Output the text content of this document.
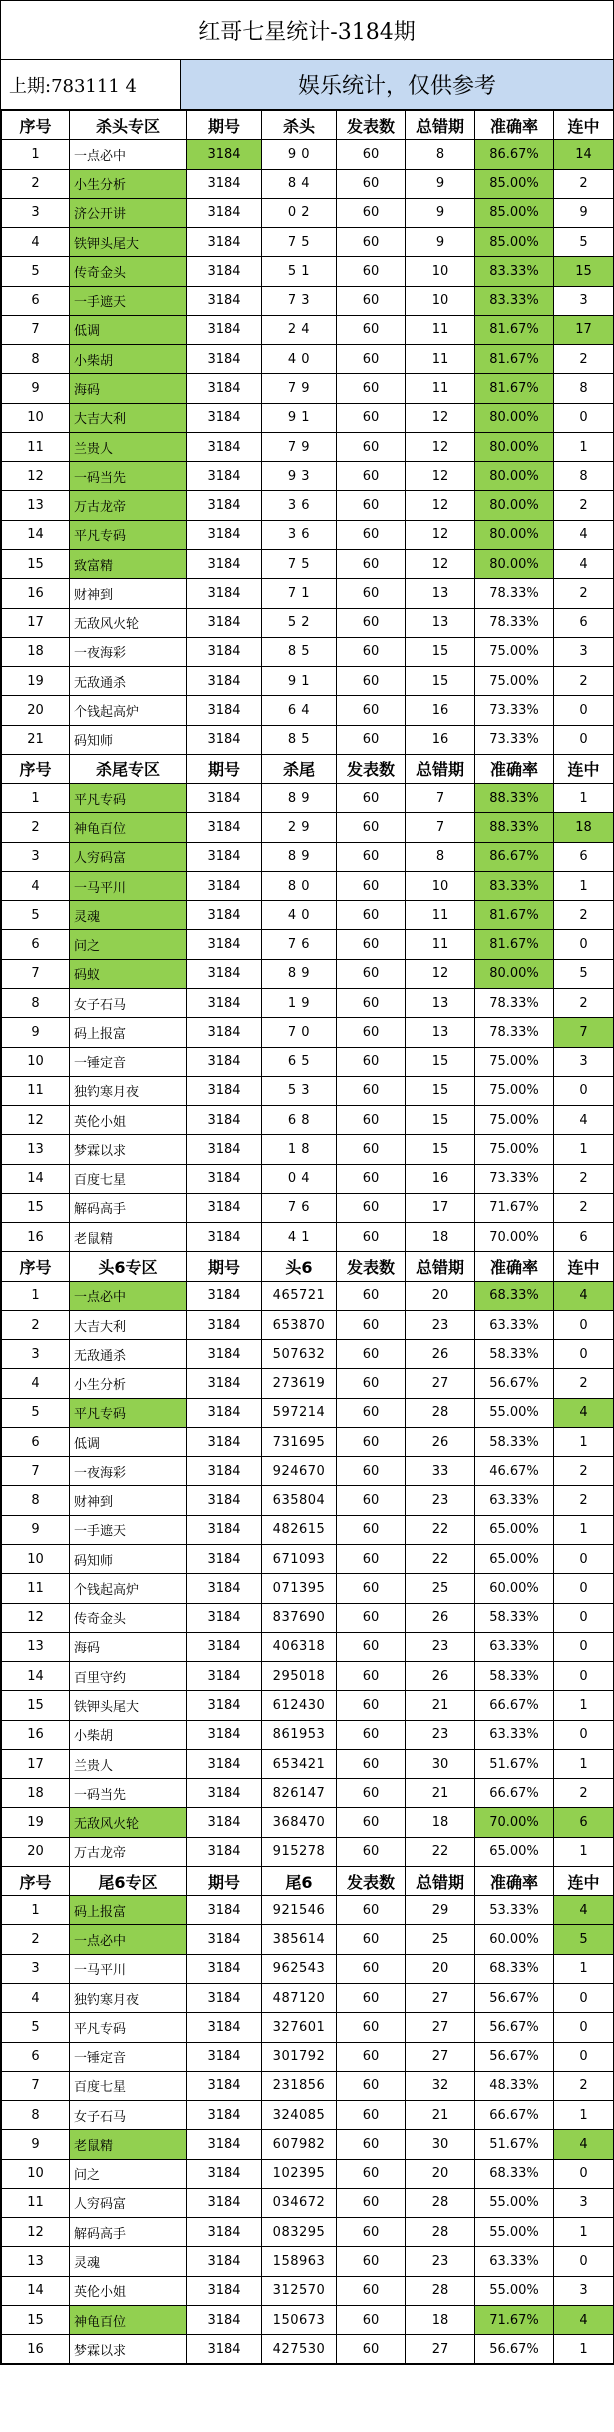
红哥七星统计-3184期
上期:783111 4	娱乐统计，仅供参考
序号	杀头专区	期号	杀头	发表数	总错期	准确率	连中
1	一点必中	3184	9 0	60	8	86.67%	14
2	小生分析	3184	8 4	60	9	85.00%	2
3	济公开讲	3184	0 2	60	9	85.00%	9
4	铁钾头尾大	3184	7 5	60	9	85.00%	5
5	传奇金头	3184	5 1	60	10	83.33%	15
6	一手遮天	3184	7 3	60	10	83.33%	3
7	低调	3184	2 4	60	11	81.67%	17
8	小柴胡	3184	4 0	60	11	81.67%	2
9	海码	3184	7 9	60	11	81.67%	8
10	大吉大利	3184	9 1	60	12	80.00%	0
11	兰贵人	3184	7 9	60	12	80.00%	1
12	一码当先	3184	9 3	60	12	80.00%	8
13	万古龙帝	3184	3 6	60	12	80.00%	2
14	平凡专码	3184	3 6	60	12	80.00%	4
15	致富精	3184	7 5	60	12	80.00%	4
16	财神到	3184	7 1	60	13	78.33%	2
17	无敌风火轮	3184	5 2	60	13	78.33%	6
18	一夜海彩	3184	8 5	60	15	75.00%	3
19	无敌通杀	3184	9 1	60	15	75.00%	2
20	个钱起高炉	3184	6 4	60	16	73.33%	0
21	码知师	3184	8 5	60	16	73.33%	0
序号	杀尾专区	期号	杀尾	发表数	总错期	准确率	连中
1	平凡专码	3184	8 9	60	7	88.33%	1
2	神龟百位	3184	2 9	60	7	88.33%	18
3	人穷码富	3184	8 9	60	8	86.67%	6
4	一马平川	3184	8 0	60	10	83.33%	1
5	灵魂	3184	4 0	60	11	81.67%	2
6	问之	3184	7 6	60	11	81.67%	0
7	码蚁	3184	8 9	60	12	80.00%	5
8	女子石马	3184	1 9	60	13	78.33%	2
9	码上报富	3184	7 0	60	13	78.33%	7
10	一锤定音	3184	6 5	60	15	75.00%	3
11	独钓寒月夜	3184	5 3	60	15	75.00%	0
12	英伦小姐	3184	6 8	60	15	75.00%	4
13	梦霖以求	3184	1 8	60	15	75.00%	1
14	百度七星	3184	0 4	60	16	73.33%	2
15	解码高手	3184	7 6	60	17	71.67%	2
16	老鼠精	3184	4 1	60	18	70.00%	6
序号	头6专区	期号	头6	发表数	总错期	准确率	连中
1	一点必中	3184	465721	60	20	68.33%	4
2	大吉大利	3184	653870	60	23	63.33%	0
3	无敌通杀	3184	507632	60	26	58.33%	0
4	小生分析	3184	273619	60	27	56.67%	2
5	平凡专码	3184	597214	60	28	55.00%	4
6	低调	3184	731695	60	26	58.33%	1
7	一夜海彩	3184	924670	60	33	46.67%	2
8	财神到	3184	635804	60	23	63.33%	2
9	一手遮天	3184	482615	60	22	65.00%	1
10	码知师	3184	671093	60	22	65.00%	0
11	个钱起高炉	3184	071395	60	25	60.00%	0
12	传奇金头	3184	837690	60	26	58.33%	0
13	海码	3184	406318	60	23	63.33%	0
14	百里守约	3184	295018	60	26	58.33%	0
15	铁钾头尾大	3184	612430	60	21	66.67%	1
16	小柴胡	3184	861953	60	23	63.33%	0
17	兰贵人	3184	653421	60	30	51.67%	1
18	一码当先	3184	826147	60	21	66.67%	2
19	无敌风火轮	3184	368470	60	18	70.00%	6
20	万古龙帝	3184	915278	60	22	65.00%	1
序号	尾6专区	期号	尾6	发表数	总错期	准确率	连中
1	码上报富	3184	921546	60	29	53.33%	4
2	一点必中	3184	385614	60	25	60.00%	5
3	一马平川	3184	962543	60	20	68.33%	1
4	独钓寒月夜	3184	487120	60	27	56.67%	0
5	平凡专码	3184	327601	60	27	56.67%	0
6	一锤定音	3184	301792	60	27	56.67%	0
7	百度七星	3184	231856	60	32	48.33%	2
8	女子石马	3184	324085	60	21	66.67%	1
9	老鼠精	3184	607982	60	30	51.67%	4
10	问之	3184	102395	60	20	68.33%	0
11	人穷码富	3184	034672	60	28	55.00%	3
12	解码高手	3184	083295	60	28	55.00%	1
13	灵魂	3184	158963	60	23	63.33%	0
14	英伦小姐	3184	312570	60	28	55.00%	3
15	神龟百位	3184	150673	60	18	71.67%	4
16	梦霖以求	3184	427530	60	27	56.67%	1
